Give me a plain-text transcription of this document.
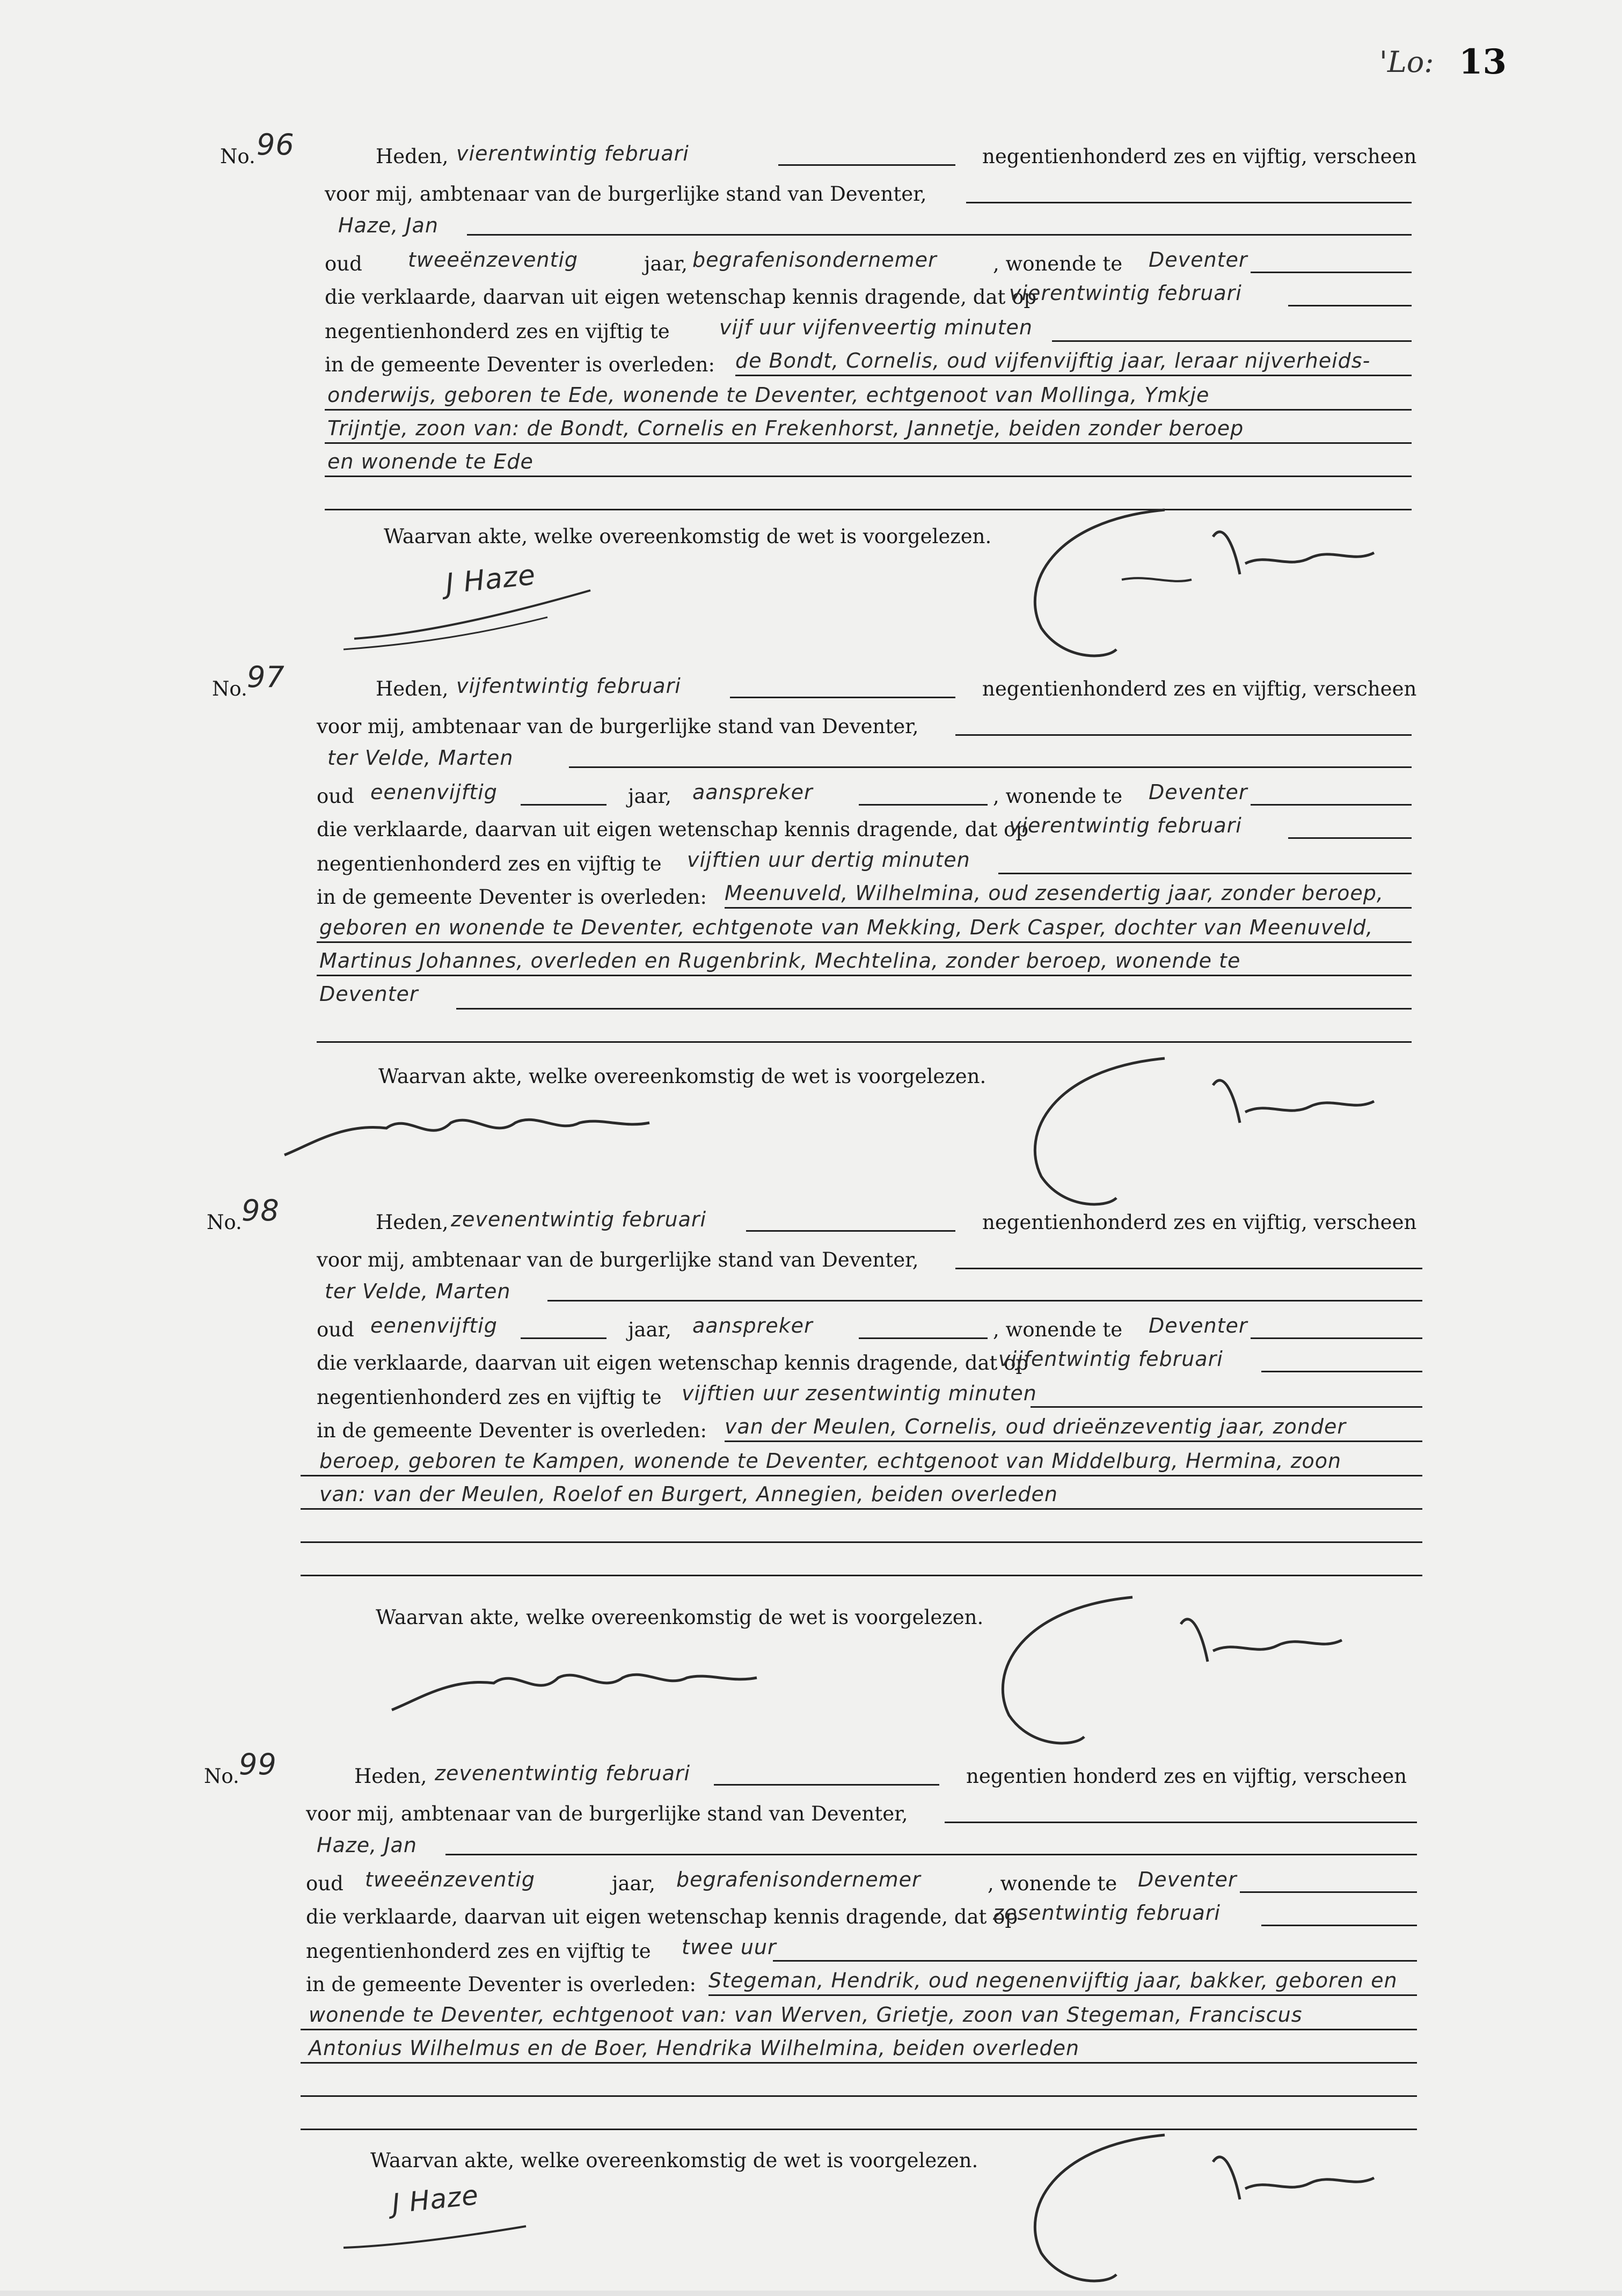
'Lo: 13
No. 96	Heden, vierentwintig februari	negentienhonderd zes en vijftig, verscheen
voor mij, ambtenaar van de burgerlijke stand van Deventer,
Haze, Jan
oud tweeënzeventig	jaar, begrafenisondernemer	, wonende te Deventer
die verklaarde, daarvan uit eigen wetenschap kennis dragende, dat op
vierentwintig februari
negentienhonderd zes en vijftig te vijf uur vijfenveertig minuten
in de gemeente Deventer is overleden: de Bondt, Cornelis, oud vijfenvijftig jaar, leraar nijverheids-
onderwijs, geboren te Ede, wonende te Deventer, echtgenoot van Mollinga, Ymkje
Trijntje, zoon van: de Bondt, Cornelis en Frekenhorst, Jannetje, beiden zonder beroep
en wonende te Ede
Waarvan akte, welke overeenkomstig de wet is voorgelezen.
J Haze
No. 97	Heden, vijfentwintig februari	negentienhonderd zes en vijftig, verscheen
voor mij, ambtenaar van de burgerlijke stand van Deventer,
ter Velde, Marten
oud eenenvijftig	jaar, aanspreker	, wonende te Deventer
die verklaarde, daarvan uit eigen wetenschap kennis dragende, dat op
vierentwintig februari
negentienhonderd zes en vijftig te vijftien uur dertig minuten
in de gemeente Deventer is overleden: Meenuveld, Wilhelmina, oud zesendertig jaar, zonder beroep,
geboren en wonende te Deventer, echtgenote van Mekking, Derk Casper, dochter van Meenuveld,
Martinus Johannes, overleden en Rugenbrink, Mechtelina, zonder beroep, wonende te
Deventer
Waarvan akte, welke overeenkomstig de wet is voorgelezen.
No. 98	Heden, zevenentwintig februari	negentienhonderd zes en vijftig, verscheen
voor mij, ambtenaar van de burgerlijke stand van Deventer,
ter Velde, Marten
oud eenenvijftig	jaar, aanspreker	, wonende te Deventer
die verklaarde, daarvan uit eigen wetenschap kennis dragende, dat op
vijfentwintig februari
negentienhonderd zes en vijftig te vijftien uur zesentwintig minuten
in de gemeente Deventer is overleden: van der Meulen, Cornelis, oud drieënzeventig jaar, zonder
beroep, geboren te Kampen, wonende te Deventer, echtgenoot van Middelburg, Hermina, zoon
van: van der Meulen, Roelof en Burgert, Annegien, beiden overleden
Waarvan akte, welke overeenkomstig de wet is voorgelezen.
No. 99	Heden, zevenentwintig februari	negentien honderd zes en vijftig, verscheen
voor mij, ambtenaar van de burgerlijke stand van Deventer,
Haze, Jan
oud tweeënzeventig	jaar, begrafenisondernemer	, wonende te Deventer
die verklaarde, daarvan uit eigen wetenschap kennis dragende, dat op
zesentwintig februari
negentienhonderd zes en vijftig te twee uur
in de gemeente Deventer is overleden: Stegeman, Hendrik, oud negenenvijftig jaar, bakker, geboren en
wonende te Deventer, echtgenoot van: van Werven, Grietje, zoon van Stegeman, Franciscus
Antonius Wilhelmus en de Boer, Hendrika Wilhelmina, beiden overleden
Waarvan akte, welke overeenkomstig de wet is voorgelezen.
J Haze
